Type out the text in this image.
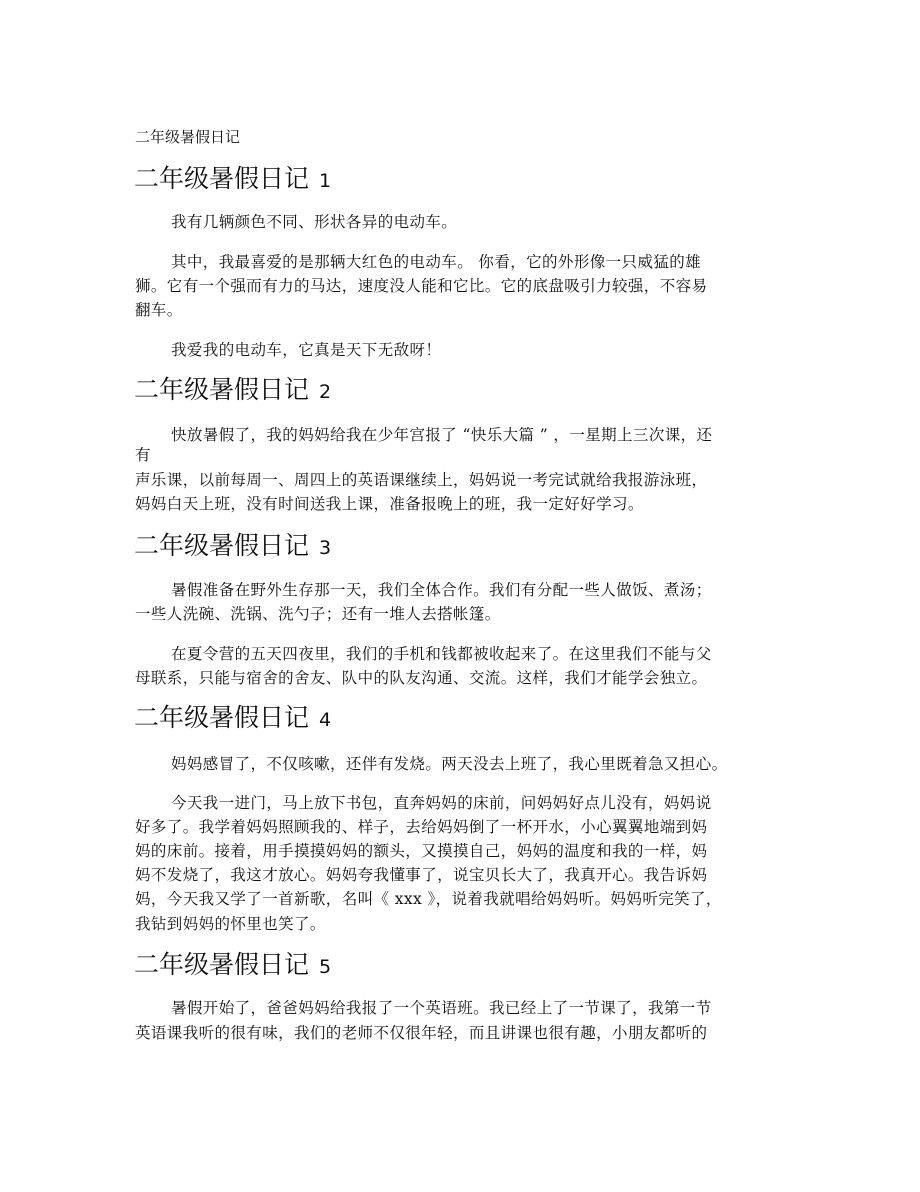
二年级暑假日记
二年级暑假日记 1
我有几辆颜色不同、形状各异的电动车。
其中，我最喜爱的是那辆大红色的电动车。 你看，它的外形像一只威猛的雄
狮。它有一个强而有力的马达，速度没人能和它比。它的底盘吸引力较强，不容易
翻车。
我爱我的电动车，它真是天下无敌呀！
二年级暑假日记 2
快放暑假了，我的妈妈给我在少年宫报了 “快乐大篇 ” ，一星期上三次课，还
有
声乐课，以前每周一、周四上的英语课继续上，妈妈说一考完试就给我报游泳班，
妈妈白天上班，没有时间送我上课，准备报晚上的班，我一定好好学习。
二年级暑假日记 3
暑假准备在野外生存那一天，我们全体合作。我们有分配一些人做饭、煮汤；
一些人洗碗、洗锅、洗勺子；还有一堆人去搭帐篷。
在夏令营的五天四夜里，我们的手机和钱都被收起来了。在这里我们不能与父
母联系，只能与宿舍的舍友、队中的队友沟通、交流。这样，我们才能学会独立。
二年级暑假日记 4
妈妈感冒了，不仅咳嗽，还伴有发烧。两天没去上班了，我心里既着急又担心。
今天我一进门，马上放下书包，直奔妈妈的床前，问妈妈好点儿没有，妈妈说
好多了。我学着妈妈照顾我的、样子，去给妈妈倒了一杯开水，小心翼翼地端到妈
妈的床前。接着，用手摸摸妈妈的额头，又摸摸自己，妈妈的温度和我的一样，妈
妈不发烧了，我这才放心。妈妈夸我懂事了，说宝贝长大了，我真开心。我告诉妈
妈，今天我又学了一首新歌，名叫《 xxx 》，说着我就唱给妈妈听。妈妈听完笑了，
我钻到妈妈的怀里也笑了。
二年级暑假日记 5
暑假开始了，爸爸妈妈给我报了一个英语班。我已经上了一节课了，我第一节
英语课我听的很有味，我们的老师不仅很年轻，而且讲课也很有趣，小朋友都听的
